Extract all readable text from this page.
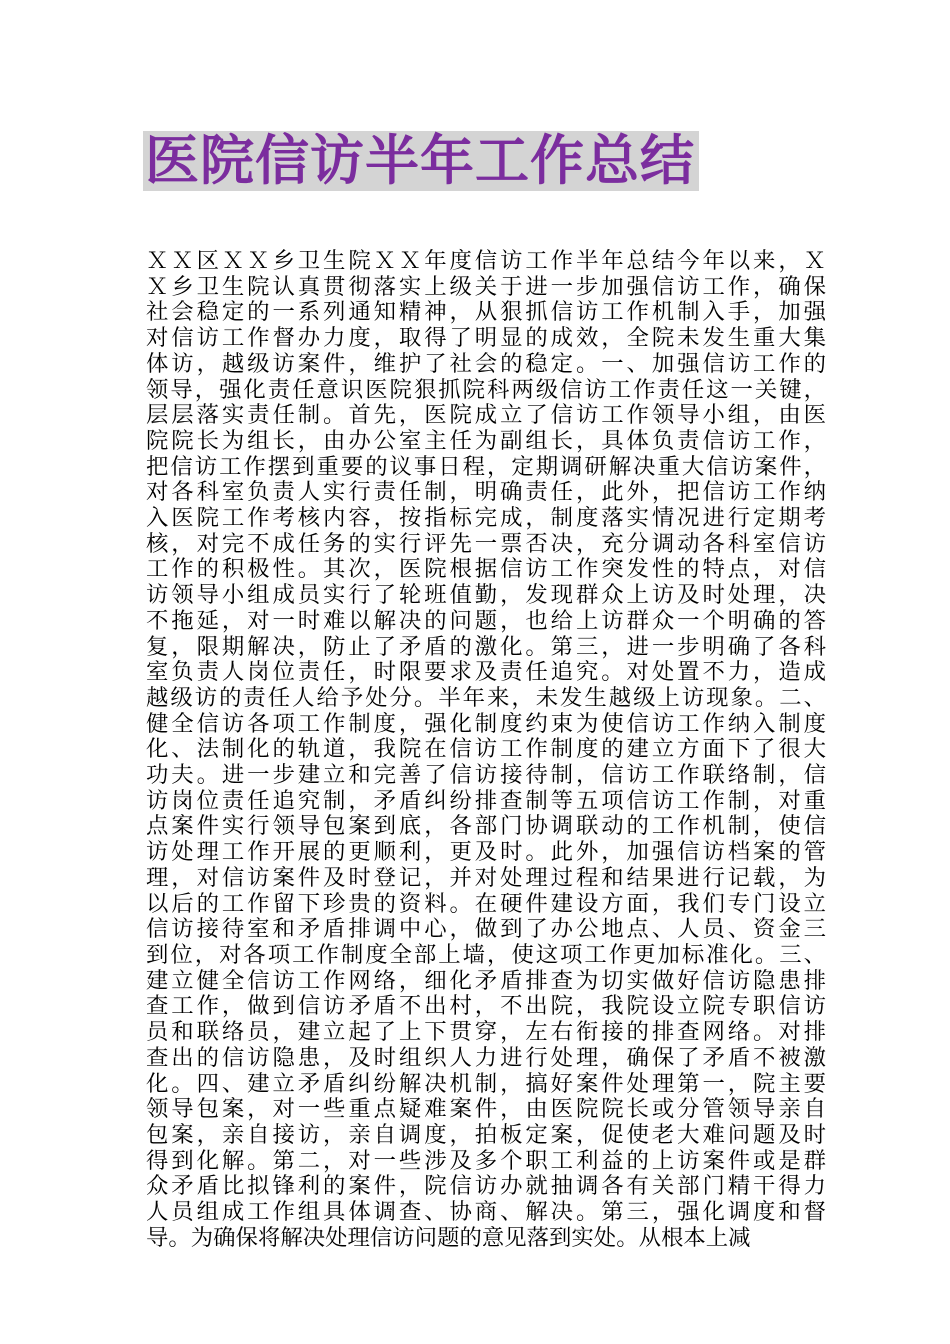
医院信访半年工作总结
ＸＸ区ＸＸ乡卫生院ＸＸ年度信访工作半年总结今年以来，Ｘ
Ｘ乡卫生院认真贯彻落实上级关于进一步加强信访工作，确保
社会稳定的一系列通知精神，从狠抓信访工作机制入手，加强
对信访工作督办力度，取得了明显的成效，全院未发生重大集
体访，越级访案件，维护了社会的稳定。一、加强信访工作的
领导，强化责任意识医院狠抓院科两级信访工作责任这一关键，
层层落实责任制。首先，医院成立了信访工作领导小组，由医
院院长为组长，由办公室主任为副组长，具体负责信访工作，
把信访工作摆到重要的议事日程，定期调研解决重大信访案件，
对各科室负责人实行责任制，明确责任，此外，把信访工作纳
入医院工作考核内容，按指标完成，制度落实情况进行定期考
核，对完不成任务的实行评先一票否决，充分调动各科室信访
工作的积极性。其次，医院根据信访工作突发性的特点，对信
访领导小组成员实行了轮班值勤，发现群众上访及时处理，决
不拖延，对一时难以解决的问题，也给上访群众一个明确的答
复，限期解决，防止了矛盾的激化。第三，进一步明确了各科
室负责人岗位责任，时限要求及责任追究。对处置不力，造成
越级访的责任人给予处分。半年来，未发生越级上访现象。二、
健全信访各项工作制度，强化制度约束为使信访工作纳入制度
化、法制化的轨道，我院在信访工作制度的建立方面下了很大
功夫。进一步建立和完善了信访接待制，信访工作联络制，信
访岗位责任追究制，矛盾纠纷排查制等五项信访工作制，对重
点案件实行领导包案到底，各部门协调联动的工作机制，使信
访处理工作开展的更顺利，更及时。此外，加强信访档案的管
理，对信访案件及时登记，并对处理过程和结果进行记载，为
以后的工作留下珍贵的资料。在硬件建设方面，我们专门设立
信访接待室和矛盾排调中心，做到了办公地点、人员、资金三
到位，对各项工作制度全部上墙，使这项工作更加标准化。三、
建立健全信访工作网络，细化矛盾排查为切实做好信访隐患排
查工作，做到信访矛盾不出村，不出院，我院设立院专职信访
员和联络员，建立起了上下贯穿，左右衔接的排查网络。对排
查出的信访隐患，及时组织人力进行处理，确保了矛盾不被激
化。四、建立矛盾纠纷解决机制，搞好案件处理第一，院主要
领导包案，对一些重点疑难案件，由医院院长或分管领导亲自
包案，亲自接访，亲自调度，拍板定案，促使老大难问题及时
得到化解。第二，对一些涉及多个职工利益的上访案件或是群
众矛盾比拟锋利的案件，院信访办就抽调各有关部门精干得力
人员组成工作组具体调查、协商、解决。第三，强化调度和督
导。为确保将解决处理信访问题的意见落到实处。从根本上减
